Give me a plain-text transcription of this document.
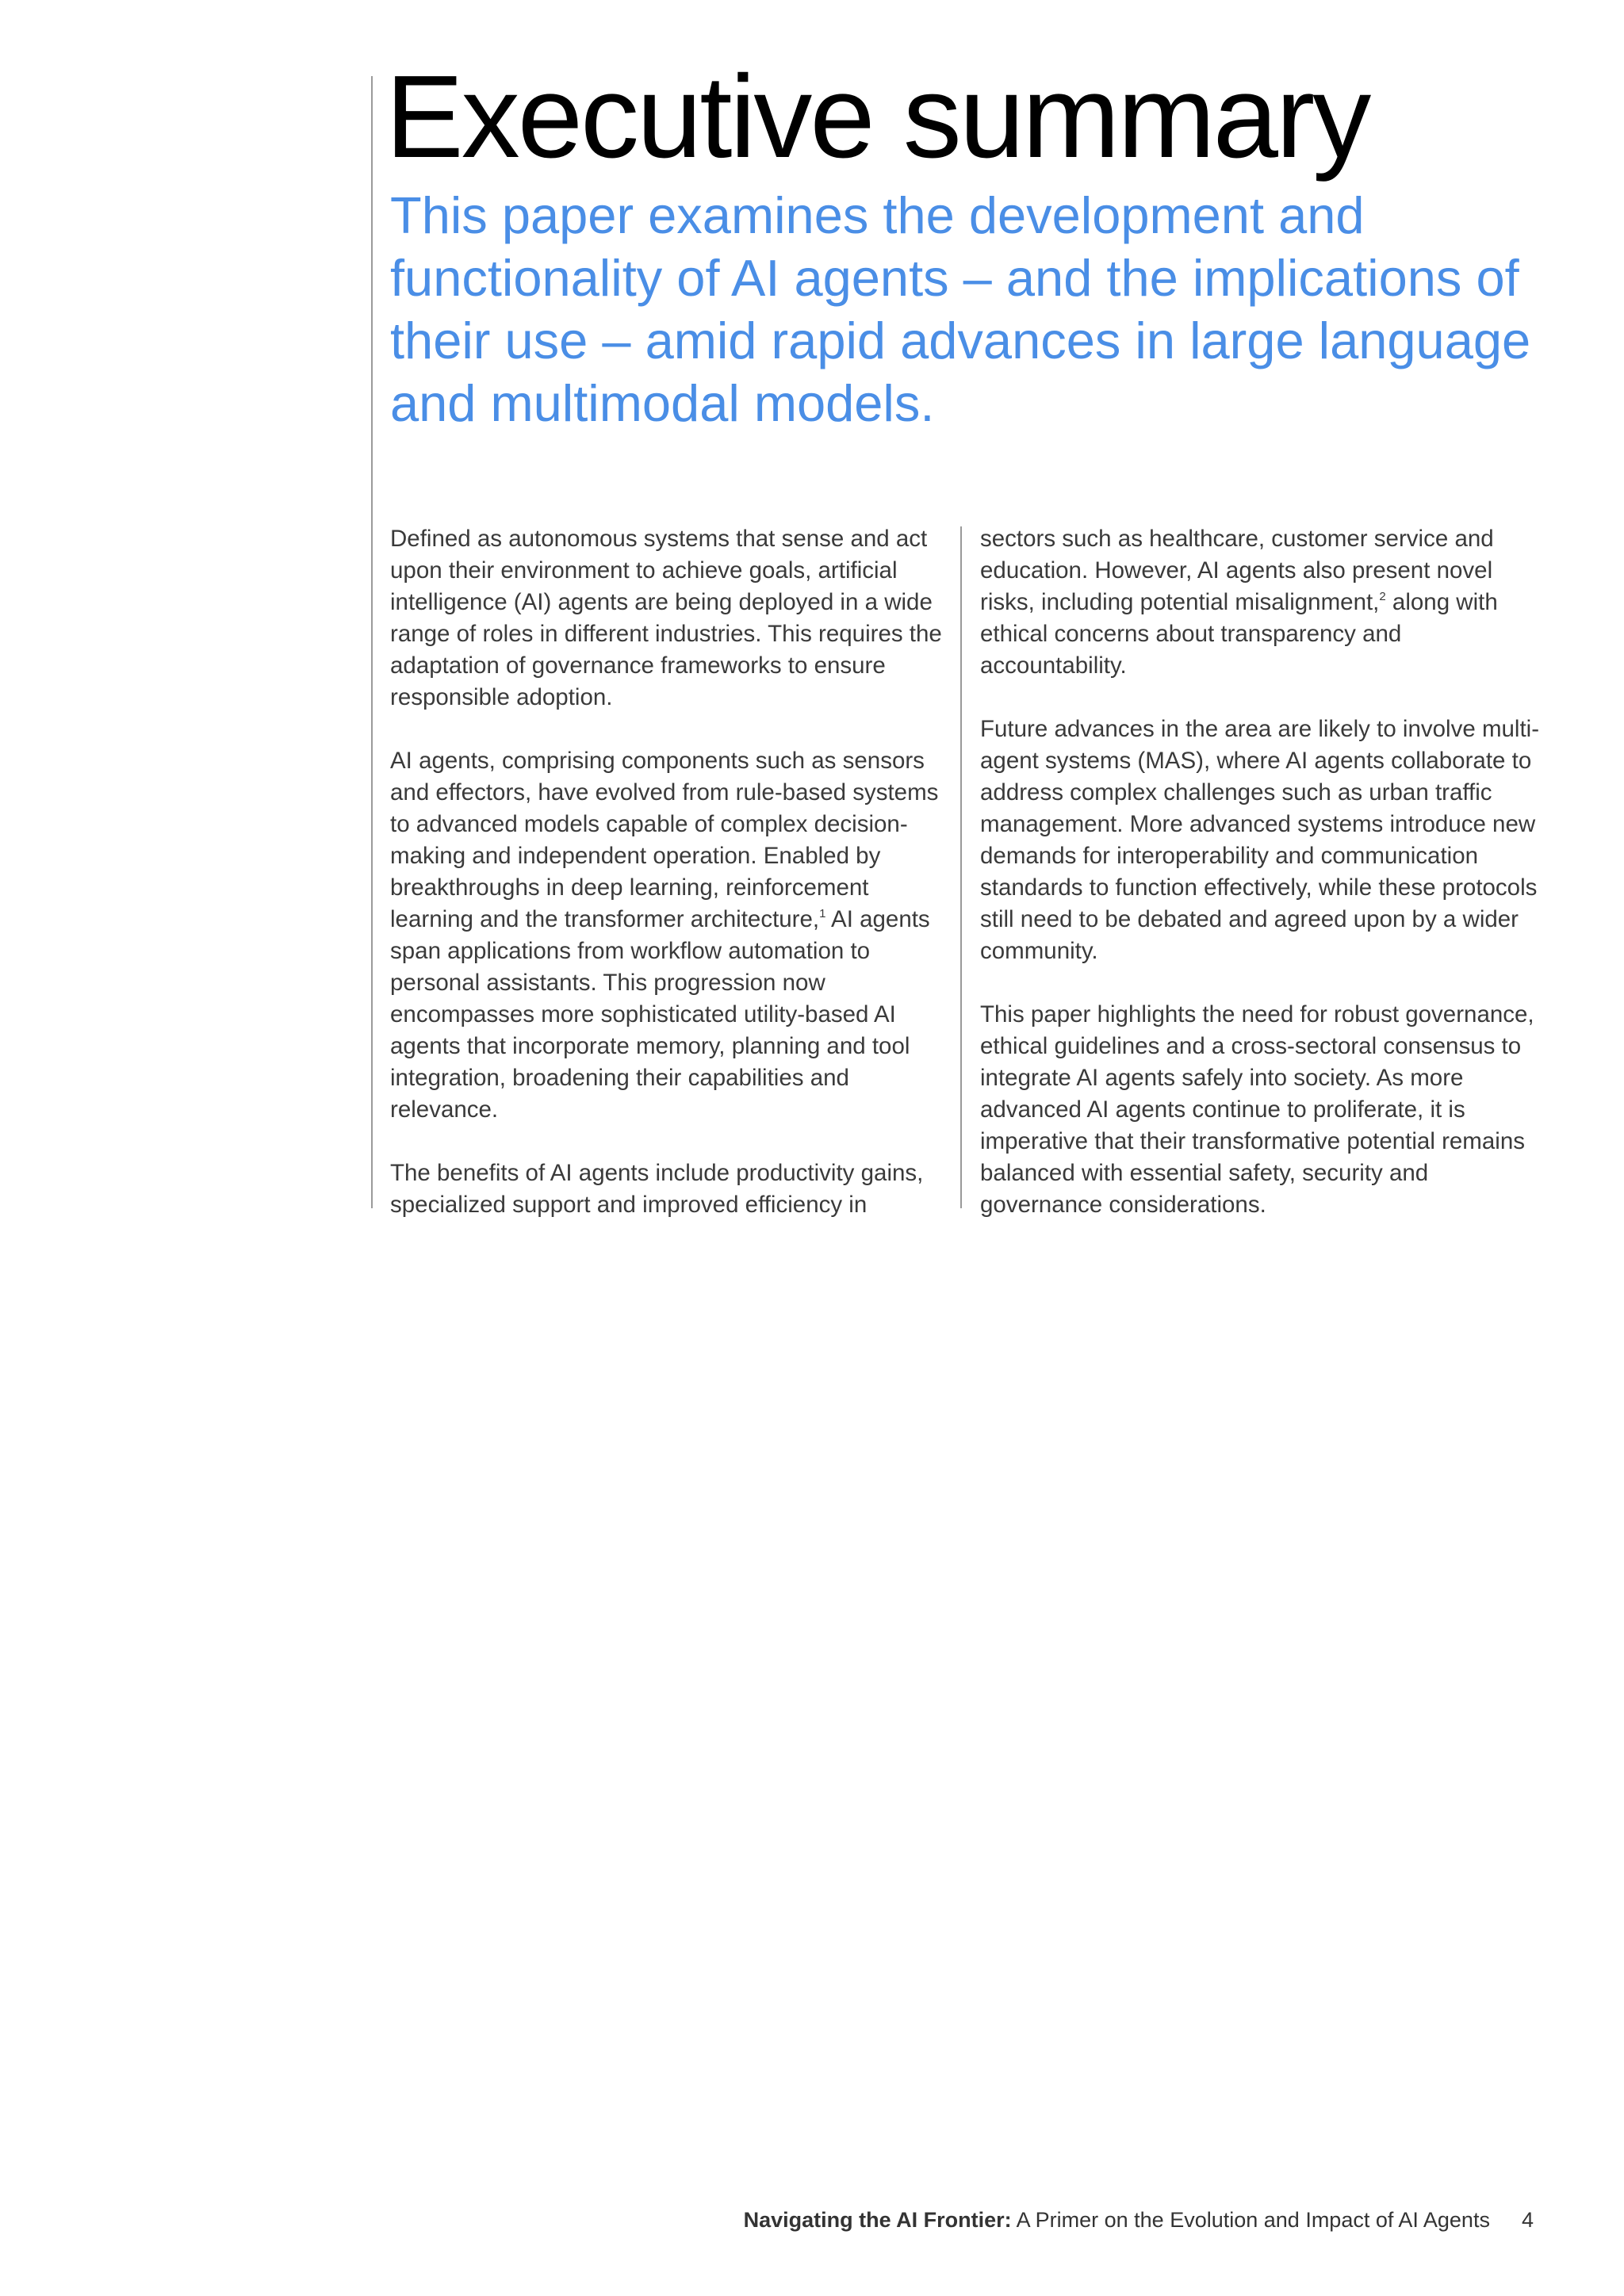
Executive summary

This paper examines the development and functionality of AI agents – and the implications of their use – amid rapid advances in large language and multimodal models.

Defined as autonomous systems that sense and act upon their environment to achieve goals, artificial intelligence (AI) agents are being deployed in a wide range of roles in different industries. This requires the adaptation of governance frameworks to ensure responsible adoption.

AI agents, comprising components such as sensors and effectors, have evolved from rule-based systems to advanced models capable of complex decision-making and independent operation. Enabled by breakthroughs in deep learning, reinforcement learning and the transformer architecture,$^1$ AI agents span applications from workflow automation to personal assistants. This progression now encompasses more sophisticated utility-based AI agents that incorporate memory, planning and tool integration, broadening their capabilities and relevance.

The benefits of AI agents include productivity gains, specialized support and improved efficiency in

sectors such as healthcare, customer service and education. However, AI agents also present novel risks, including potential misalignment,$^2$ along with ethical concerns about transparency and accountability.

Future advances in the area are likely to involve multi-agent systems (MAS), where AI agents collaborate to address complex challenges such as urban traffic management. More advanced systems introduce new demands for interoperability and communication standards to function effectively, while these protocols still need to be debated and agreed upon by a wider community.

This paper highlights the need for robust governance, ethical guidelines and a cross-sectoral consensus to integrate AI agents safely into society. As more advanced AI agents continue to proliferate, it is imperative that their transformative potential remains balanced with essential safety, security and governance considerations.

Navigating the AI Frontier: A Primer on the Evolution and Impact of AI Agents 4
